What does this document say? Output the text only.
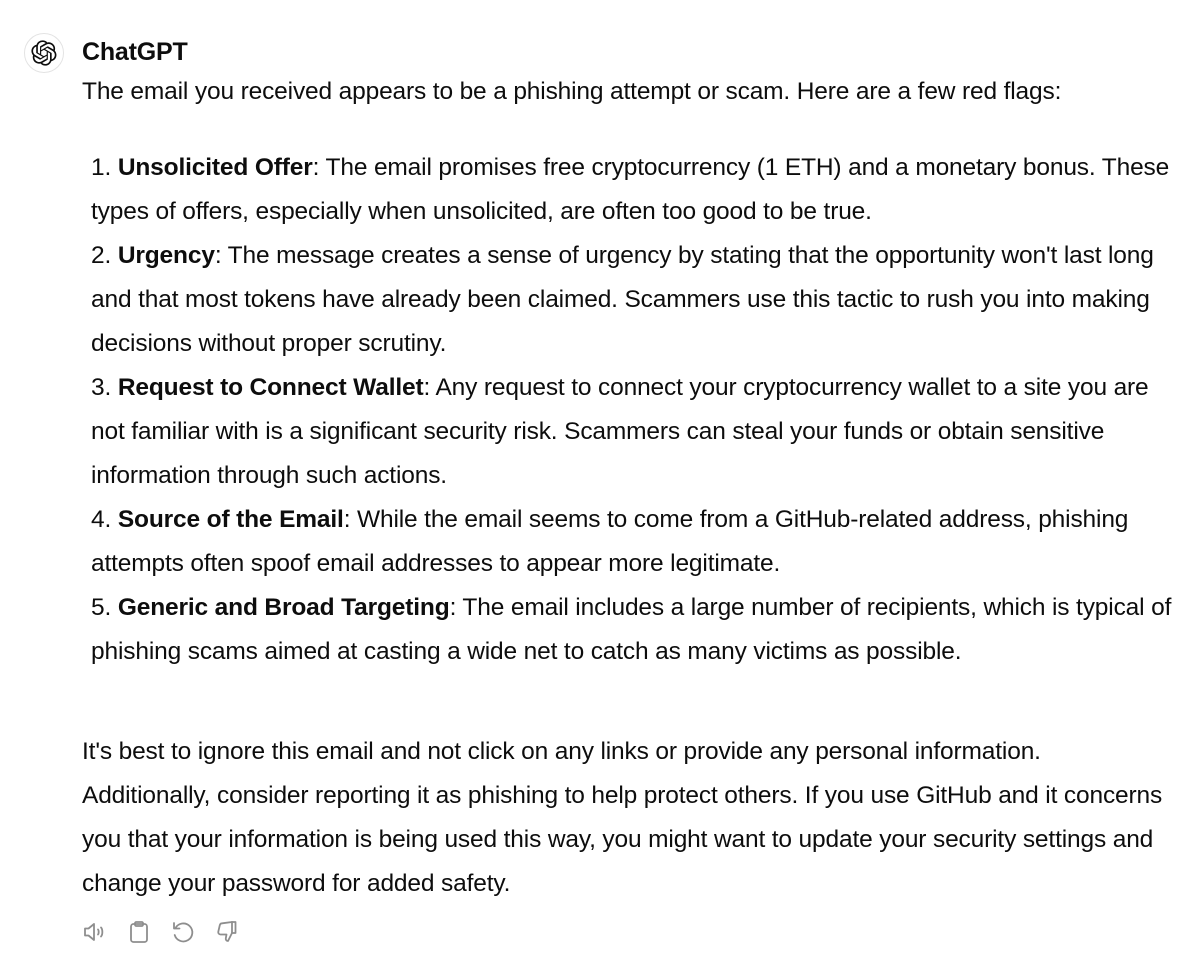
ChatGPT

The email you received appears to be a phishing attempt or scam. Here are a few red flags:

1. Unsolicited Offer: The email promises free cryptocurrency (1 ETH) and a monetary bonus. These types of offers, especially when unsolicited, are often too good to be true.
2. Urgency: The message creates a sense of urgency by stating that the opportunity won't last long and that most tokens have already been claimed. Scammers use this tactic to rush you into making decisions without proper scrutiny.
3. Request to Connect Wallet: Any request to connect your cryptocurrency wallet to a site you are not familiar with is a significant security risk. Scammers can steal your funds or obtain sensitive information through such actions.
4. Source of the Email: While the email seems to come from a GitHub-related address, phishing attempts often spoof email addresses to appear more legitimate.
5. Generic and Broad Targeting: The email includes a large number of recipients, which is typical of phishing scams aimed at casting a wide net to catch as many victims as possible.

It's best to ignore this email and not click on any links or provide any personal information. Additionally, consider reporting it as phishing to help protect others. If you use GitHub and it concerns you that your information is being used this way, you might want to update your security settings and change your password for added safety.
